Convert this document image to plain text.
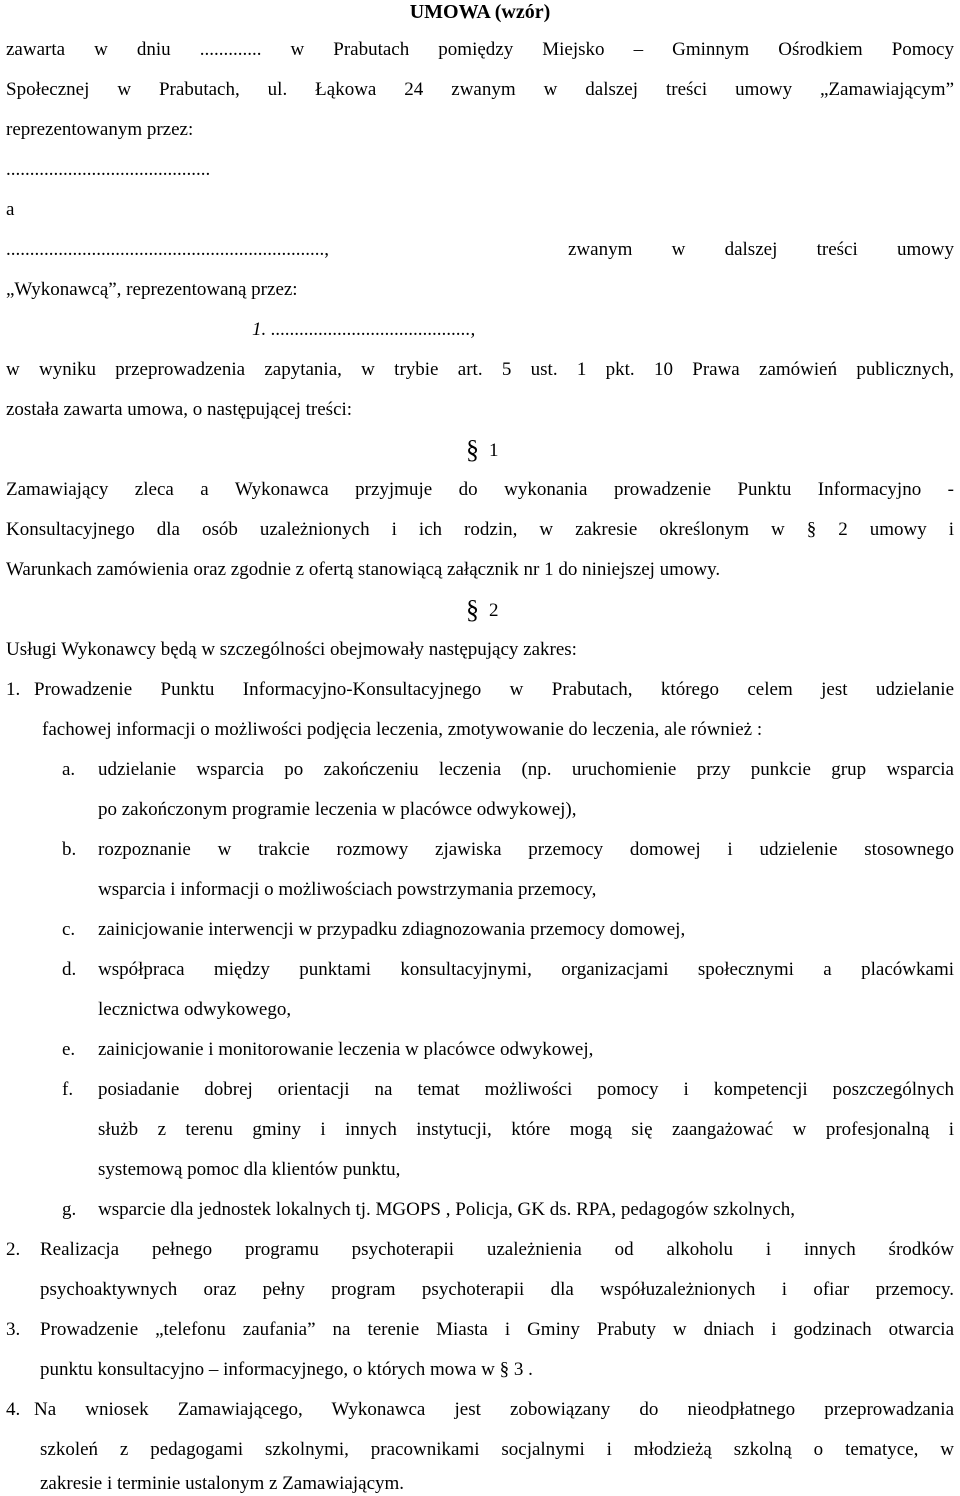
UMOWA (wzór)
zawarta w dniu ............. w Prabutach pomiędzy Miejsko – Gminnym Ośrodkiem Pomocy
Społecznej w Prabutach, ul. Łąkowa 24 zwanym w dalszej treści umowy „Zamawiającym”
reprezentowanym przez:
...........................................
a
...................................................................,	zwanym w dalszej treści umowy
„Wykonawcą”, reprezentowaną przez:
1. ..........................................,
w wyniku przeprowadzenia zapytania, w trybie art. 5 ust. 1 pkt. 10 Prawa zamówień publicznych,
została zawarta umowa, o następującej treści:
§ 1
Zamawiający zleca a Wykonawca przyjmuje do wykonania prowadzenie Punktu Informacyjno -
Konsultacyjnego dla osób uzależnionych i ich rodzin, w zakresie określonym w § 2 umowy i
Warunkach zamówienia oraz zgodnie z ofertą stanowiącą załącznik nr 1 do niniejszej umowy.
§ 2
Usługi Wykonawcy będą w szczególności obejmowały następujący zakres:
1. Prowadzenie Punktu Informacyjno-Konsultacyjnego w Prabutach, którego celem jest udzielanie
fachowej informacji o możliwości podjęcia leczenia, zmotywowanie do leczenia, ale również :
a. udzielanie wsparcia po zakończeniu leczenia (np. uruchomienie przy punkcie grup wsparcia
po zakończonym programie leczenia w placówce odwykowej),
b. rozpoznanie w trakcie rozmowy zjawiska przemocy domowej i udzielenie stosownego
wsparcia i informacji o możliwościach powstrzymania przemocy,
c. zainicjowanie interwencji w przypadku zdiagnozowania przemocy domowej,
d. współpraca między punktami konsultacyjnymi, organizacjami społecznymi a placówkami
lecznictwa odwykowego,
e. zainicjowanie i monitorowanie leczenia w placówce odwykowej,
f. posiadanie dobrej orientacji na temat możliwości pomocy i kompetencji poszczególnych
służb z terenu gminy i innych instytucji, które mogą się zaangażować w profesjonalną i
systemową pomoc dla klientów punktu,
g. wsparcie dla jednostek lokalnych tj. MGOPS , Policja, GK ds. RPA, pedagogów szkolnych,
2. Realizacja pełnego programu psychoterapii uzależnienia od alkoholu i innych środków
psychoaktywnych oraz pełny program psychoterapii dla współuzależnionych i ofiar przemocy.
3. Prowadzenie „telefonu zaufania” na terenie Miasta i Gminy Prabuty w dniach i godzinach otwarcia
punktu konsultacyjno – informacyjnego, o których mowa w § 3 .
4. Na wniosek Zamawiającego, Wykonawca jest zobowiązany do nieodpłatnego przeprowadzania
szkoleń z pedagogami szkolnymi, pracownikami socjalnymi i młodzieżą szkolną o tematyce, w
zakresie i terminie ustalonym z Zamawiającym.
